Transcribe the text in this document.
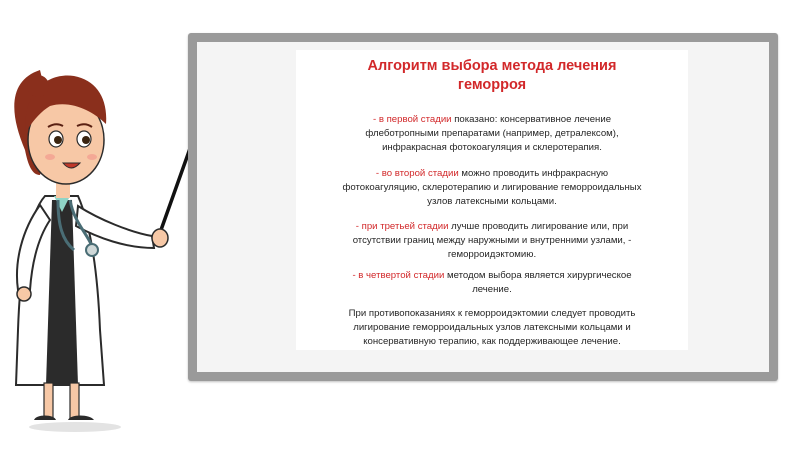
Алгоритм выбора метода лечения
геморроя

- в первой стадии показано: консервативное лечение
флеботропными препаратами (например, детралексом),
инфракрасная фотокоагуляция и склеротерапия.

- во второй стадии можно проводить инфракрасную
фотокоагуляцию, склеротерапию и лигирование геморроидальных
узлов латексными кольцами.

- при третьей стадии лучше проводить лигирование или, при
отсутствии границ между наружными и внутренними узлами, -
геморроидэктомию.

- в четвертой стадии методом выбора является хирургическое
лечение.

При противопоказаниях к геморроидэктомии следует проводить
лигирование геморроидальных узлов латексными кольцами и
консервативную терапию, как поддерживающее лечение.
